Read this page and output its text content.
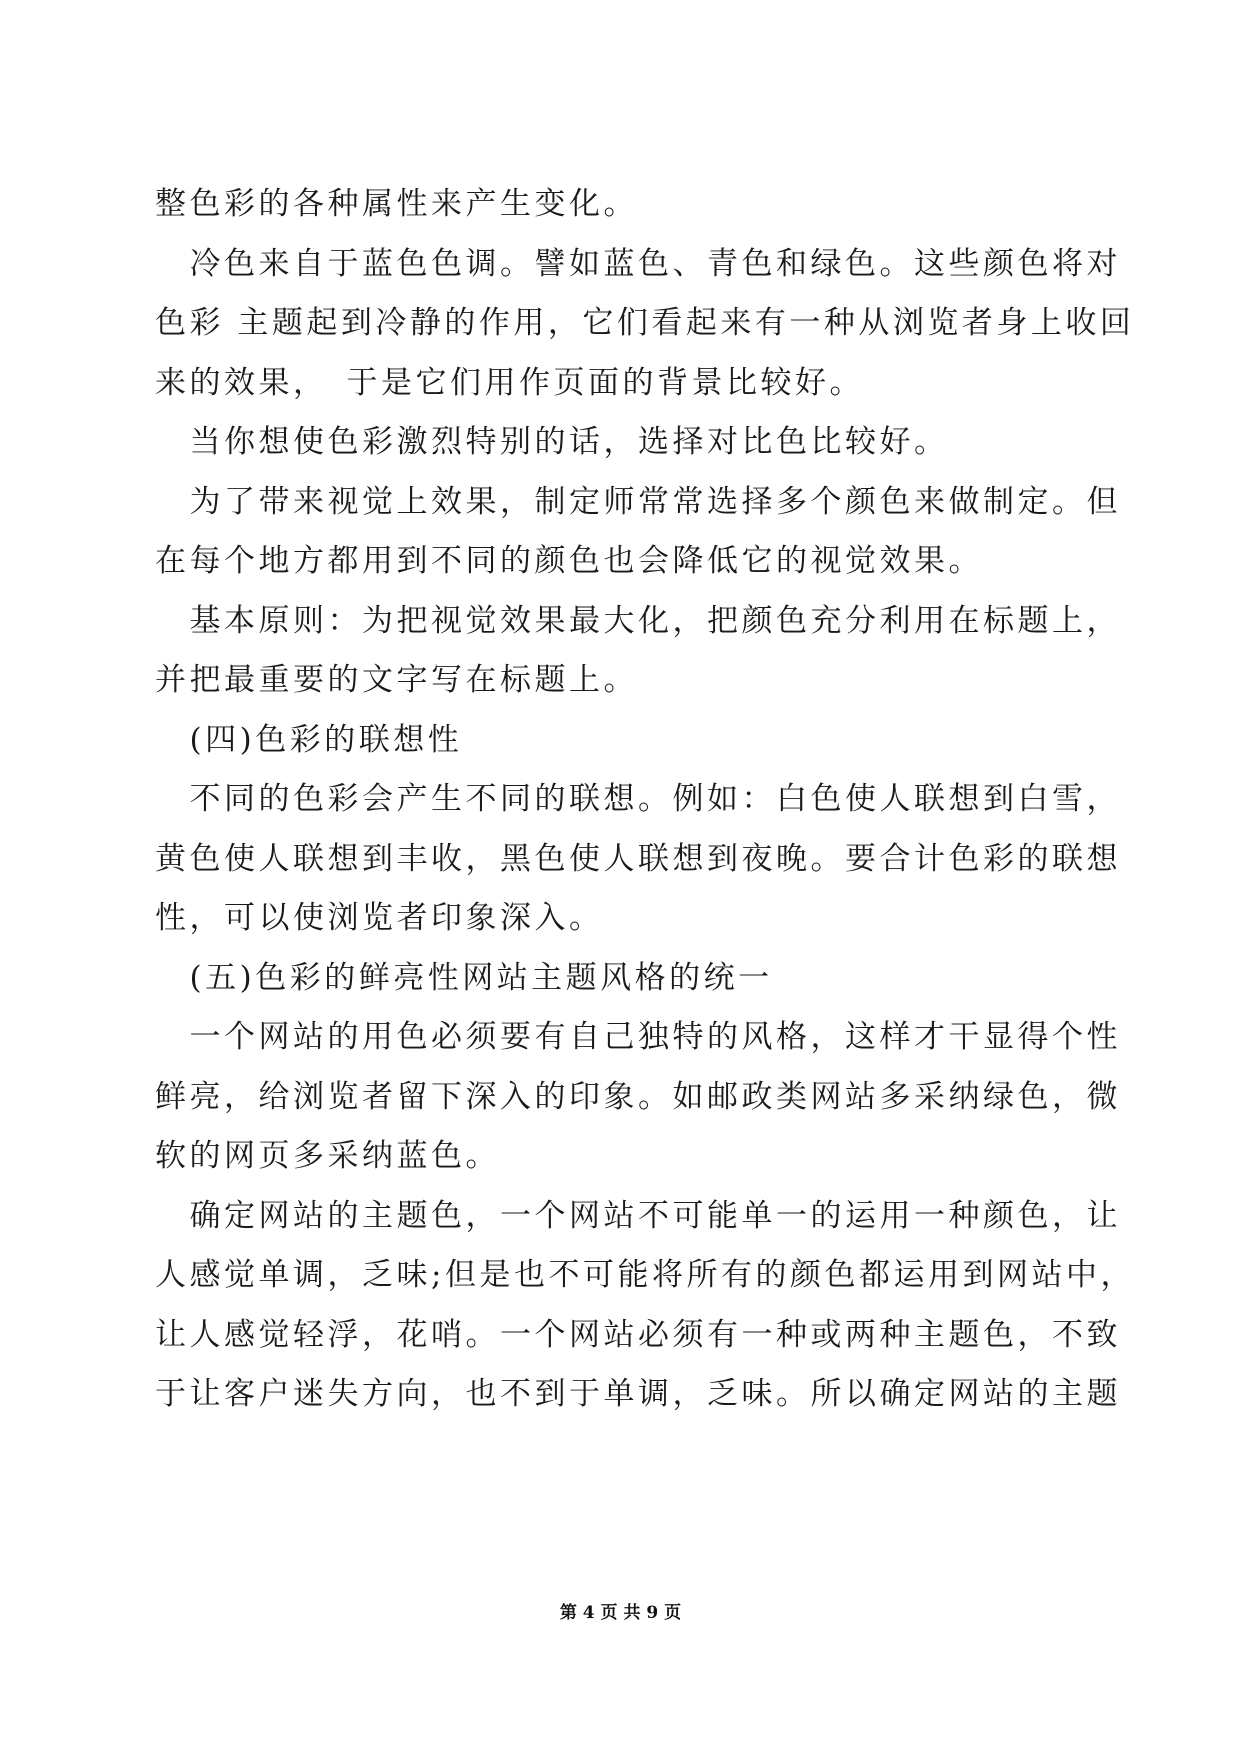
整色彩的各种属性来产生变化。
　冷色来自于蓝色色调。譬如蓝色、青色和绿色。这些颜色将对
色彩 主题起到冷静的作用，它们看起来有一种从浏览者身上收回
来的效果，　于是它们用作页面的背景比较好。
　当你想使色彩激烈特别的话，选择对比色比较好。
　为了带来视觉上效果，制定师常常选择多个颜色来做制定。但
在每个地方都用到不同的颜色也会降低它的视觉效果。
　基本原则：为把视觉效果最大化，把颜色充分利用在标题上，
并把最重要的文字写在标题上。
　(四)色彩的联想性
　不同的色彩会产生不同的联想。例如：白色使人联想到白雪，
黄色使人联想到丰收，黑色使人联想到夜晚。要合计色彩的联想
性，可以使浏览者印象深入。
　(五)色彩的鲜亮性网站主题风格的统一
　一个网站的用色必须要有自己独特的风格，这样才干显得个性
鲜亮，给浏览者留下深入的印象。如邮政类网站多采纳绿色，微
软的网页多采纳蓝色。
　确定网站的主题色，一个网站不可能单一的运用一种颜色，让
人感觉单调，乏味;但是也不可能将所有的颜色都运用到网站中，
让人感觉轻浮，花哨。一个网站必须有一种或两种主题色，不致
于让客户迷失方向，也不到于单调，乏味。所以确定网站的主题
第 4 页 共 9 页
